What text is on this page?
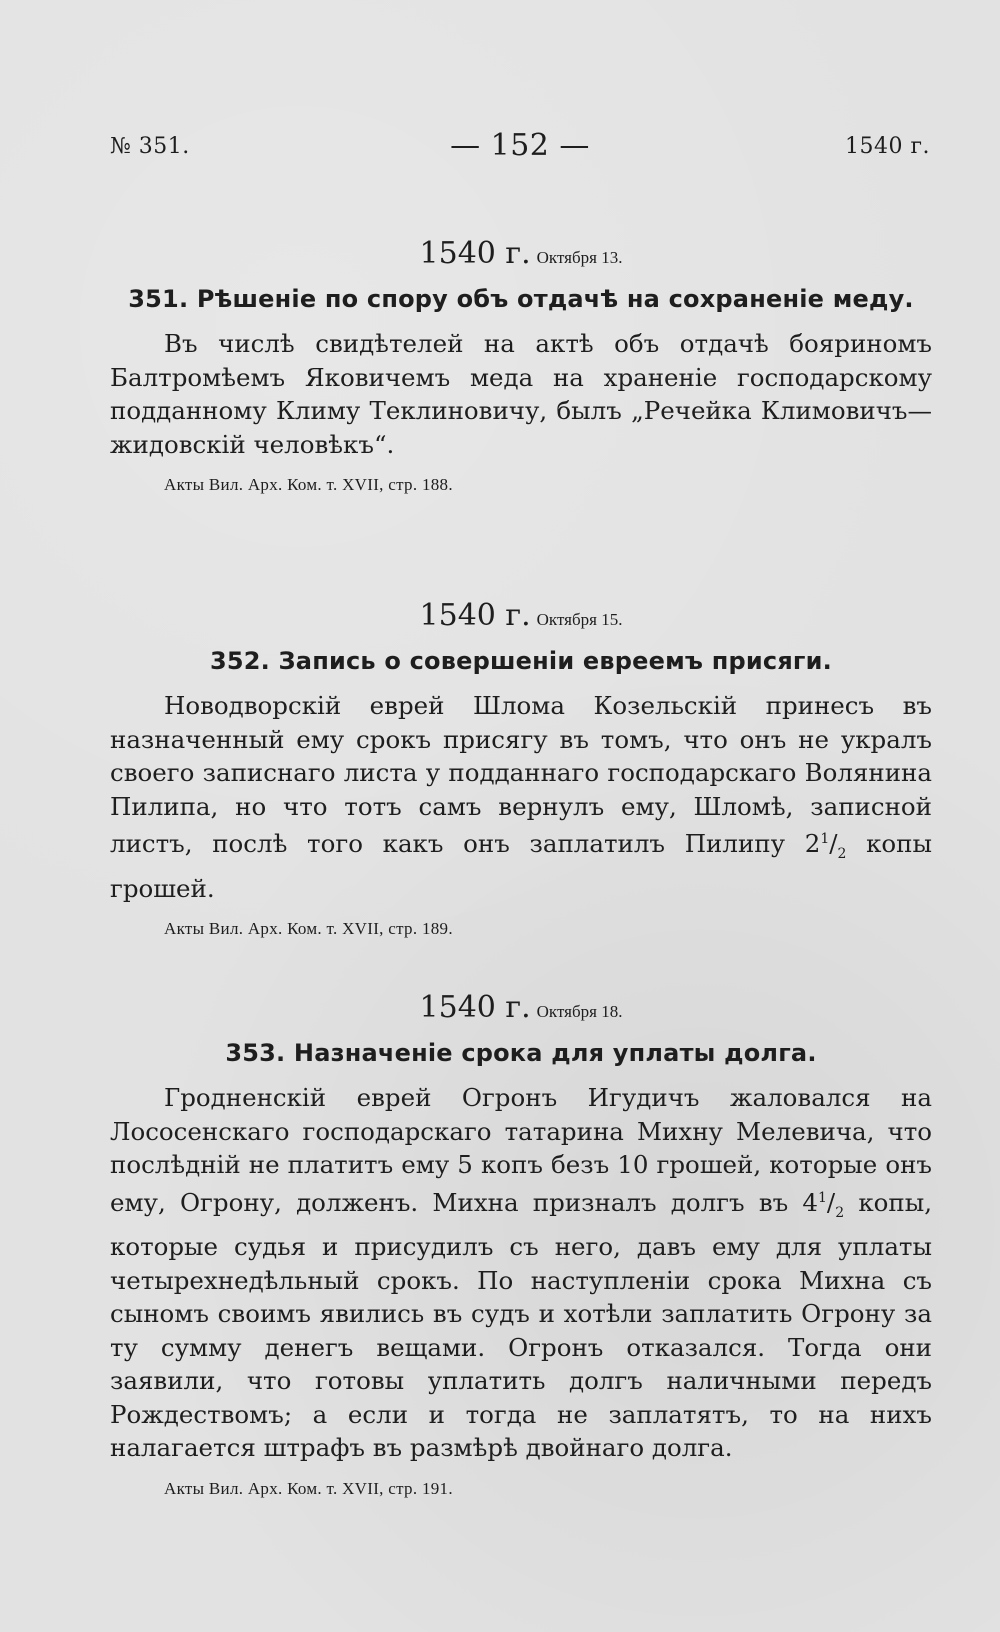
№ 351.	— 152 —	1540 г.

1540 г. Октября 13.

351. Рѣшенiе по спору объ отдачѣ на сохраненiе меду.

Въ числѣ свидѣтелей на актѣ объ отдачѣ бояриномъ Балтромѣемъ Яковичемъ меда на храненiе господарскому подданному Климу Теклиновичу, былъ „Речейка Климовичъ—жидовскiй человѣкъ“.

Акты Вил. Арх. Ком. т. XVII, стр. 188.

1540 г. Октября 15.

352. Запись о совершенiи евреемъ присяги.

Новодворскiй еврей Шлома Козельскiй принесъ въ назначенный ему срокъ присягу въ томъ, что онъ не укралъ своего записнаго листа у подданнаго господарскаго Волянина Пилипа, но что тотъ самъ вернулъ ему, Шломѣ, записной листъ, послѣ того какъ онъ заплатилъ Пилипу $2^1/_2$ копы грошей.

Акты Вил. Арх. Ком. т. XVII, стр. 189.

1540 г. Октября 18.

353. Назначенiе срока для уплаты долга.

Гродненскiй еврей Огронъ Игудичъ жаловался на Лососенскаго господарскаго татарина Михну Мелевича, что послѣднiй не платитъ ему 5 копъ безъ 10 грошей, которые онъ ему, Огрону, долженъ. Михна призналъ долгъ въ $4^1/_2$ копы, которые судья и присудилъ съ него, давъ ему для уплаты четырехнедѣльный срокъ. По наступленiи срока Михна съ сыномъ своимъ явились въ судъ и хотѣли заплатить Огрону за ту сумму денегъ вещами. Огронъ отказался. Тогда они заявили, что готовы уплатить долгъ наличными передъ Рождествомъ; а если и тогда не заплатятъ, то на нихъ налагается штрафъ въ размѣрѣ двойнаго долга.

Акты Вил. Арх. Ком. т. XVII, стр. 191.
